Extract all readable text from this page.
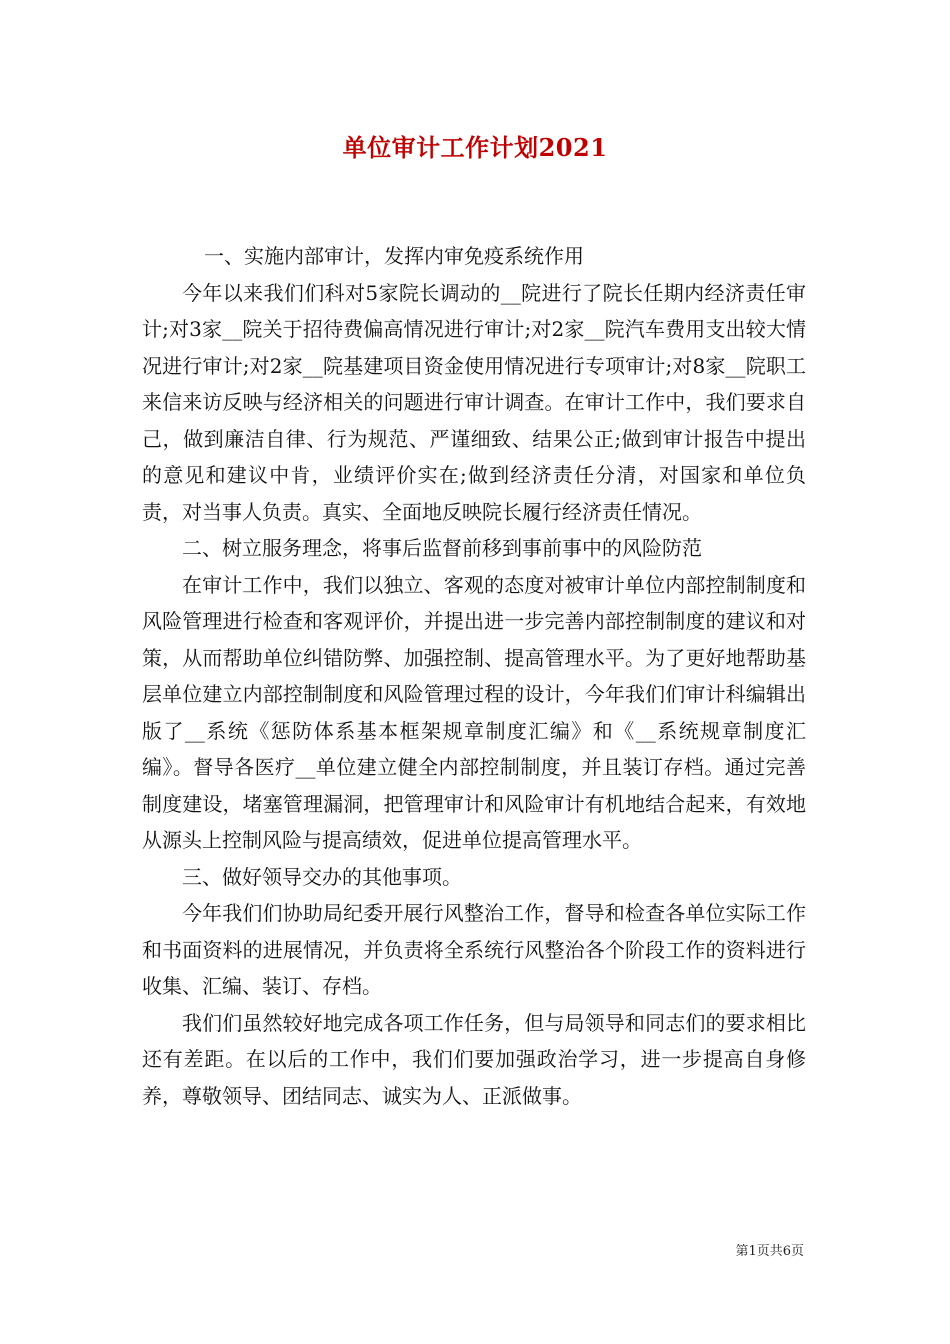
单位审计工作计划2021

一、实施内部审计，发挥内审免疫系统作用

今年以来我们们科对5家院长调动的__院进行了院长任期内经济责任审计;对3家__院关于招待费偏高情况进行审计;对2家__院汽车费用支出较大情况进行审计;对2家__院基建项目资金使用情况进行专项审计;对8家__院职工来信来访反映与经济相关的问题进行审计调查。在审计工作中，我们要求自己，做到廉洁自律、行为规范、严谨细致、结果公正;做到审计报告中提出的意见和建议中肯，业绩评价实在;做到经济责任分清，对国家和单位负责，对当事人负责。真实、全面地反映院长履行经济责任情况。

二、树立服务理念，将事后监督前移到事前事中的风险防范

在审计工作中，我们以独立、客观的态度对被审计单位内部控制制度和风险管理进行检查和客观评价，并提出进一步完善内部控制制度的建议和对策，从而帮助单位纠错防弊、加强控制、提高管理水平。为了更好地帮助基层单位建立内部控制制度和风险管理过程的设计，今年我们们审计科编辑出版了__系统《惩防体系基本框架规章制度汇编》和《__系统规章制度汇编》。督导各医疗__单位建立健全内部控制制度，并且装订存档。通过完善制度建设，堵塞管理漏洞，把管理审计和风险审计有机地结合起来，有效地从源头上控制风险与提高绩效，促进单位提高管理水平。

三、做好领导交办的其他事项。

今年我们们协助局纪委开展行风整治工作，督导和检查各单位实际工作和书面资料的进展情况，并负责将全系统行风整治各个阶段工作的资料进行收集、汇编、装订、存档。

我们们虽然较好地完成各项工作任务，但与局领导和同志们的要求相比还有差距。在以后的工作中，我们们要加强政治学习，进一步提高自身修养，尊敬领导、团结同志、诚实为人、正派做事。

第1页共6页
